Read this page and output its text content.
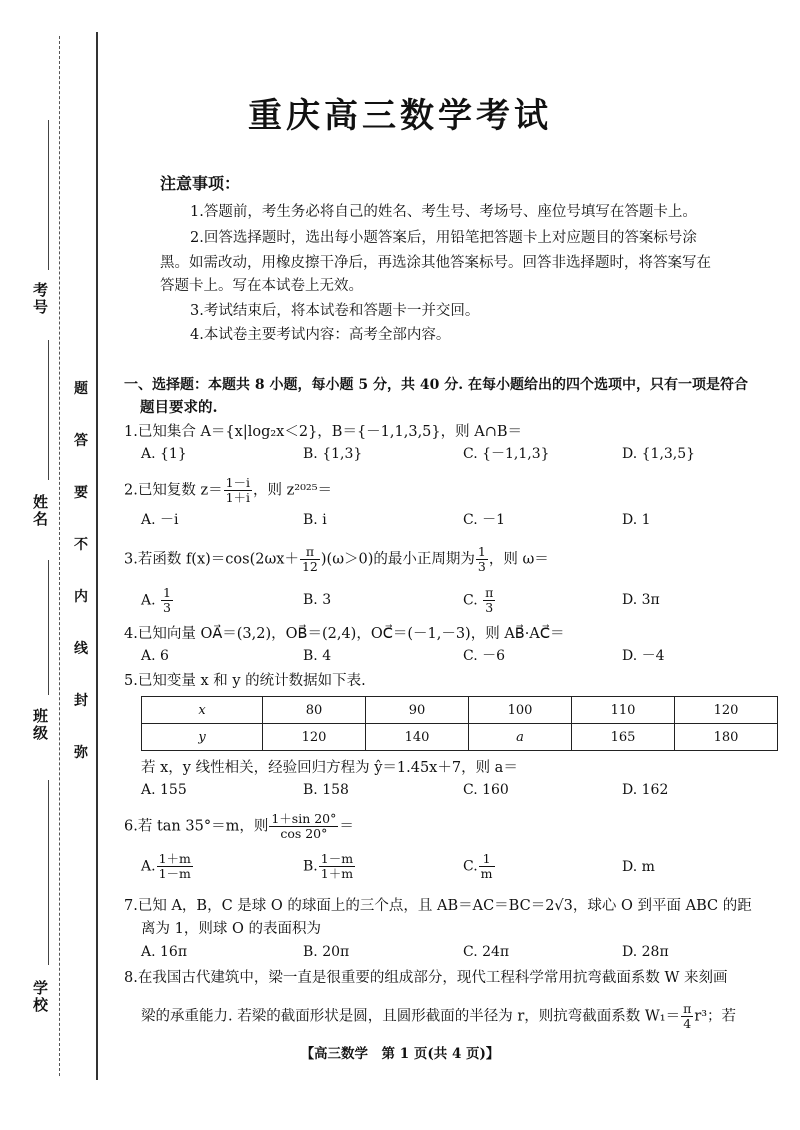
考号
姓名
班级
学校
题
答
要
不
内
线
封
弥
重庆高三数学考试
注意事项：
1.答题前，考生务必将自己的姓名、考生号、考场号、座位号填写在答题卡上。
2.回答选择题时，选出每小题答案后，用铅笔把答题卡上对应题目的答案标号涂
黑。如需改动，用橡皮擦干净后，再选涂其他答案标号。回答非选择题时，将答案写在
答题卡上。写在本试卷上无效。
3.考试结束后，将本试卷和答题卡一并交回。
4.本试卷主要考试内容：高考全部内容。
一、选择题：本题共 8 小题，每小题 5 分，共 40 分. 在每小题给出的四个选项中，只有一项是符合
题目要求的.
1.已知集合 A＝{x|log₂x＜2}，B＝{－1,1,3,5}，则 A∩B＝
A. {1}	B. {1,3}	C. {－1,1,3}	D. {1,3,5}
2.已知复数 $z= \frac{1-i}{1+i}$ ，则 z²⁰²⁵＝
A. －i	B. i	C. －1	D. 1
3.若函数 $f(x)=\cos(2\omega x+ \frac{\pi}{12} )(\omega>0)$的最小正周期为 $\frac{1}{3}$ ，则 ω＝
A. $\frac{1}{3}$	B. 3	C. $\frac{\pi}{3}$	D. 3π
4.已知向量 OA⃗＝(3,2)，OB⃗＝(2,4)，OC⃗＝(－1,－3)，则 AB⃗·AC⃗＝
A. 6	B. 4	C. －6	D. －4
5.已知变量 x 和 y 的统计数据如下表.
x	80	90	100	110	120
y	120	140	a	165	180
若 x，y 线性相关，经验回归方程为 ŷ＝1.45x＋7，则 a＝
A. 155	B. 158	C. 160	D. 162
6.若 tan 35°＝m，则 $\frac{1+\sin 20^\circ}{\cos 20^\circ}$ ＝
A. $\frac{1+m}{1-m}$	B. $\frac{1-m}{1+m}$	C. $\frac{1}{m}$	D. m
7.已知 A，B，C 是球 O 的球面上的三个点，且 AB＝AC＝BC＝2√3，球心 O 到平面 ABC 的距
离为 1，则球 O 的表面积为
A. 16π	B. 20π	C. 24π	D. 28π
8.在我国古代建筑中，梁一直是很重要的组成部分，现代工程科学常用抗弯截面系数 W 来刻画
梁的承重能力. 若梁的截面形状是圆，且圆形截面的半径为 r，则抗弯截面系数 $W_1= \frac{\pi}{4} r^3$；若
【高三数学　第 1 页(共 4 页)】
